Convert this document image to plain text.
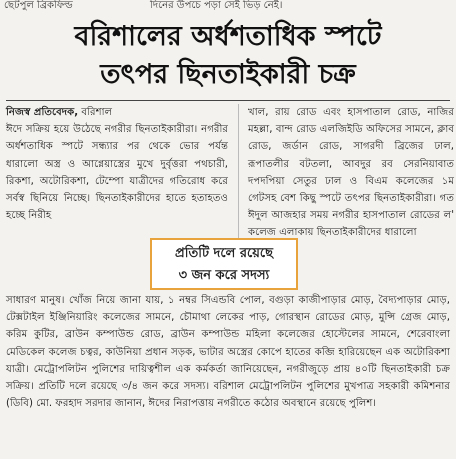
ছেটপুল ব্রিকফিল্ড	দিনের উপচে পড়া সেই ভিড় নেই।
বরিশালের অর্ধশতাধিক স্পটে
তৎপর ছিনতাইকারী চক্র
নিজস্ব প্রতিবেদক, বরিশাল
ঈদে সক্রিয় হয়ে উঠেছে নগরীর ছিনতাইকারীরা। নগরীর অর্ধশতাধিক স্পটে সন্ধ্যার পর থেকে ভোর পর্যন্ত ধারালো অস্ত্র ও আগ্নেয়াস্ত্রের মুখে দুর্বৃত্তরা পথচারী, রিকশা, অটোরিকশা, টেম্পো যাত্রীদের গতিরোধ করে সর্বস্ব ছিনিয়ে নিচ্ছে। ছিনতাইকারীদের হাতে হতাহতও হচ্ছে নিরীহ
খাল, রায় রোড এবং হাসপাতাল রোড, নাজির মহল্লা, বান্দ রোড এলজিইডি অফিসের সামনে, ক্লাব রোড, জর্ডান রোড, সাগরদী ব্রিজের ঢাল, রূপাতলীর বটতলা, আবদুর রব সেরনিয়াবাত দপদপিয়া সেতুর ঢাল ও বিএম কলেজের ১ম গেটসহ বেশ কিছু স্পটে তৎপর ছিনতাইকারীরা। গত ঈদুল আজহার সময় নগরীর হাসপাতাল রোডের ল' কলেজ এলাকায় ছিনতাইকারীদের ধারালো
সাধারণ মানুষ। খোঁজ নিয়ে জানা যায়, ১ নম্বর সিএন্ডবি পোল, বগুড়া কাজীপাড়ার মোড়, বৈদ্যপাড়ার মোড়, টেক্সটাইল ইঞ্জিনিয়ারিং কলেজের সামনে, চৌমাথা লেকের পাড়, গোরস্থান রোডের মোড়, মুন্সি গ্রেজ মোড়, করিম কুটির, ব্রাউন কম্পাউন্ড রোড, ব্রাউন কম্পাউন্ড মহিলা কলেজের হোস্টেলের সামনে, শেরেবাংলা মেডিকেল কলেজ চত্বর, কাউনিয়া প্রধান সড়ক, ভাটার অস্ত্রের কোপে হাতের কব্জি হারিয়েছেন এক অটোরিকশা যাত্রী। মেট্রোপলিটন পুলিশের দায়িত্বশীল এক কর্মকর্তা জানিয়েছেন, নগরীজুড়ে প্রায় ৪০টি ছিনতাইকারী চক্র সক্রিয়। প্রতিটি দলে রয়েছে ৩/৪ জন করে সদস্য। বরিশাল মেট্রোপলিটন পুলিশের মুখপাত্র সহকারী কমিশনার (ডিবি) মো. ফরহাদ সরদার জানান, ঈদের নিরাপত্তায় নগরীতে কঠোর অবস্থানে রয়েছে পুলিশ।
প্রতিটি দলে রয়েছে
৩ জন করে সদস্য
